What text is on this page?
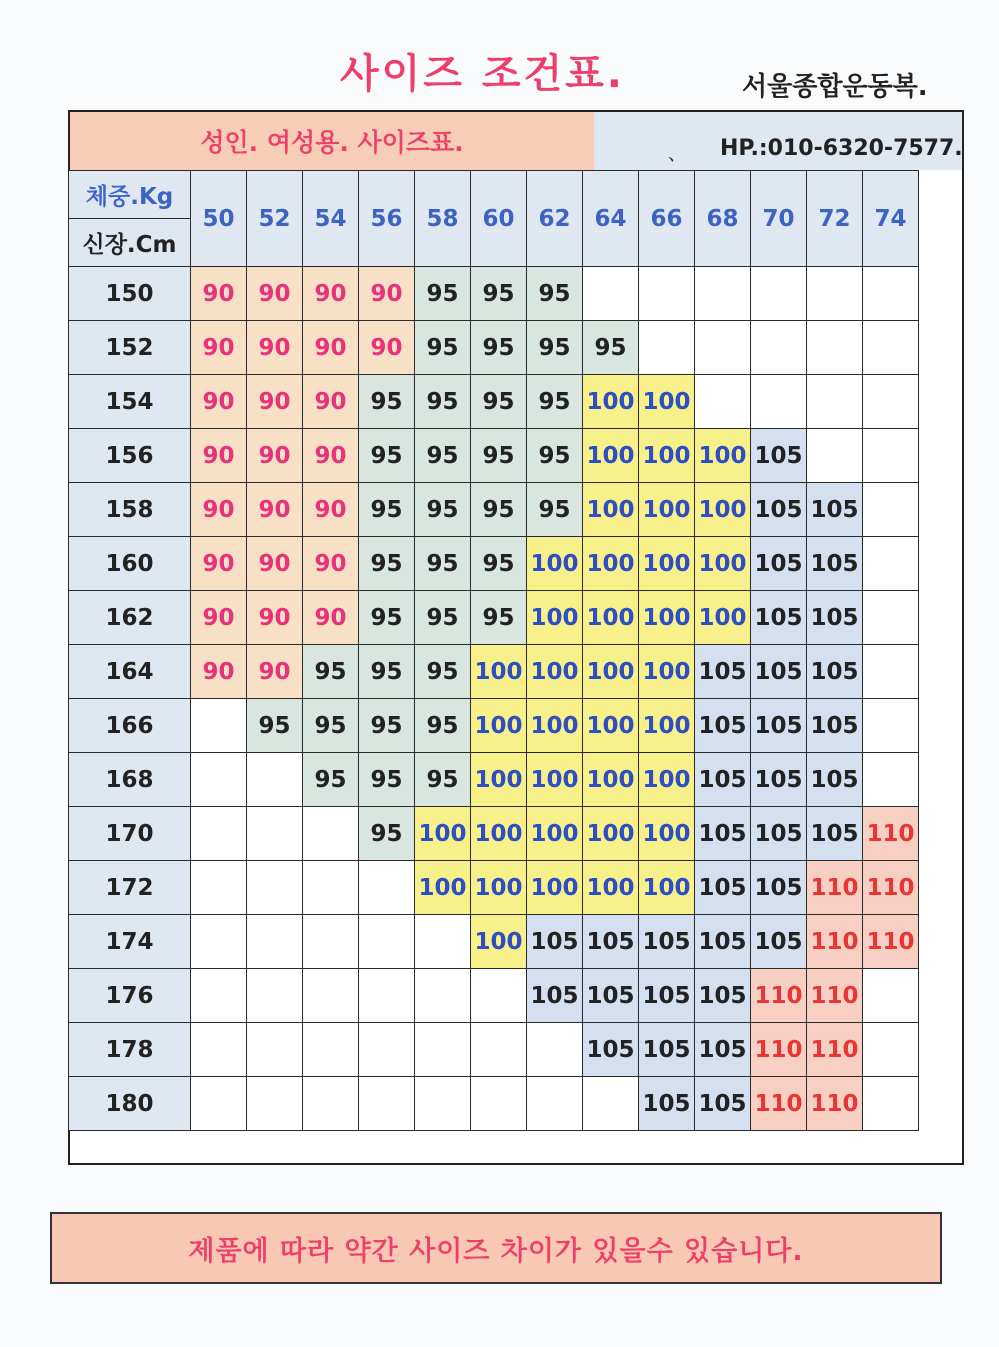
사이즈 조건표.	서울종합운동복.
성인. 여성용. 사이즈표.	、 HP.:010-6320-7577.
체중.Kg	50	52	54	56	58	60	62	64	66	68	70	72	74
신장.Cm													
150	90	90	90	90	95	95	95						
152	90	90	90	90	95	95	95	95					
154	90	90	90	95	95	95	95	100	100				
156	90	90	90	95	95	95	95	100	100	100	105		
158	90	90	90	95	95	95	95	100	100	100	105	105	
160	90	90	90	95	95	95	100	100	100	100	105	105	
162	90	90	90	95	95	95	100	100	100	100	105	105	
164	90	90	95	95	95	100	100	100	100	105	105	105	
166		95	95	95	95	100	100	100	100	105	105	105	
168			95	95	95	100	100	100	100	105	105	105	
170				95	100	100	100	100	100	105	105	105	110
172					100	100	100	100	100	105	105	110	110
174						100	105	105	105	105	105	110	110
176							105	105	105	105	110	110	
178								105	105	105	110	110	
180									105	105	110	110	
제품에 따라 약간 사이즈 차이가 있을수 있습니다.
